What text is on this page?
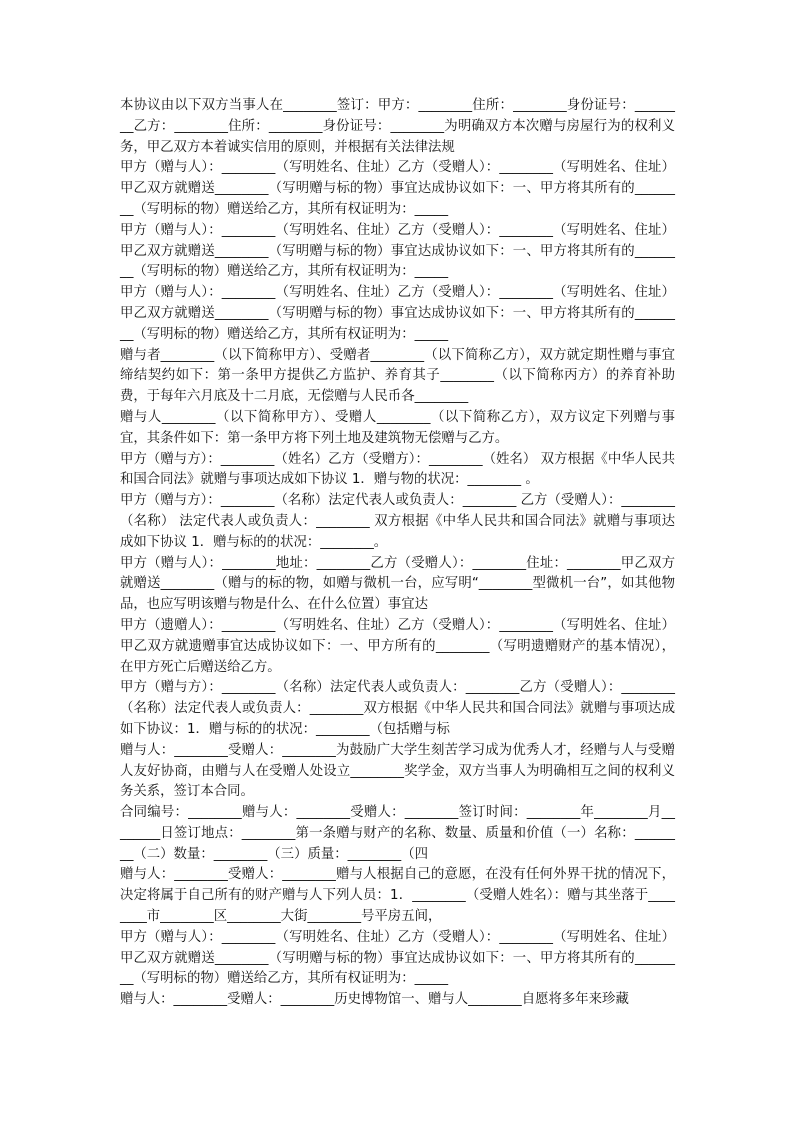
本协议由以下双方当事人在________签订：甲方：________住所：________身份证号：________乙方：________住所：________身份证号：________为明确双方本次赠与房屋行为的权利义务，甲乙双方本着诚实信用的原则，并根据有关法律法规

甲方（赠与人）：________（写明姓名、住址）乙方（受赠人）：________（写明姓名、住址）甲乙双方就赠送________（写明赠与标的物）事宜达成协议如下：一、甲方将其所有的________（写明标的物）赠送给乙方，其所有权证明为：_____

甲方（赠与人）：________（写明姓名、住址）乙方（受赠人）：________（写明姓名、住址）甲乙双方就赠送________（写明赠与标的物）事宜达成协议如下：一、甲方将其所有的________（写明标的物）赠送给乙方，其所有权证明为：_____

甲方（赠与人）：________（写明姓名、住址）乙方（受赠人）：________（写明姓名、住址）甲乙双方就赠送________（写明赠与标的物）事宜达成协议如下：一、甲方将其所有的________（写明标的物）赠送给乙方，其所有权证明为：_____

赠与者________（以下简称甲方）、受赠者________（以下简称乙方），双方就定期性赠与事宜缔结契约如下：第一条甲方提供乙方监护、养育其子________（以下简称丙方）的养育补助费，于每年六月底及十二月底，无偿赠与人民币各________

赠与人________（以下简称甲方）、受赠人________（以下简称乙方），双方议定下列赠与事宜，其条件如下：第一条甲方将下列土地及建筑物无偿赠与乙方。

甲方（赠与方）：________（姓名）乙方（受赠方）：________（姓名） 双方根据《中华人民共和国合同法》就赠与事项达成如下协议 1．赠与物的状况：________ 。

甲方（赠与方）：________（名称）法定代表人或负责人：________ 乙方（受赠人）：________（名称） 法定代表人或负责人：________ 双方根据《中华人民共和国合同法》就赠与事项达成如下协议 1．赠与标的的状况：________。

甲方（赠与人）：________地址：________乙方（受赠人）：________住址：________甲乙双方就赠送________（赠与的标的物，如赠与微机一台，应写明“________型微机一台”，如其他物品，也应写明该赠与物是什么、在什么位置）事宜达

甲方（遗赠人）：________（写明姓名、住址）乙方（受赠人）：________（写明姓名、住址）甲乙双方就遗赠事宜达成协议如下：一、甲方所有的________（写明遗赠财产的基本情况），在甲方死亡后赠送给乙方。

甲方（赠与方）：________（名称）法定代表人或负责人：________乙方（受赠人）：________（名称）法定代表人或负责人：________双方根据《中华人民共和国合同法》就赠与事项达成如下协议：1．赠与标的的状况：________（包括赠与标

赠与人：________受赠人：________为鼓励广大学生刻苦学习成为优秀人才，经赠与人与受赠人友好协商，由赠与人在受赠人处设立________奖学金，双方当事人为明确相互之间的权利义务关系，签订本合同。

合同编号：________赠与人：________受赠人：________签订时间：________年________月________日签订地点：________第一条赠与财产的名称、数量、质量和价值（一）名称：________（二）数量：________（三）质量：________（四

赠与人：________受赠人：________赠与人根据自己的意愿，在没有任何外界干扰的情况下，决定将属于自己所有的财产赠与人下列人员：1．________（受赠人姓名）：赠与其坐落于________市________区________大街________号平房五间，

甲方（赠与人）：________（写明姓名、住址）乙方（受赠人）：________（写明姓名、住址）甲乙双方就赠送________（写明赠与标的物）事宜达成协议如下：一、甲方将其所有的________（写明标的物）赠送给乙方，其所有权证明为：_____

赠与人：________受赠人：________历史博物馆一、赠与人________自愿将多年来珍藏
